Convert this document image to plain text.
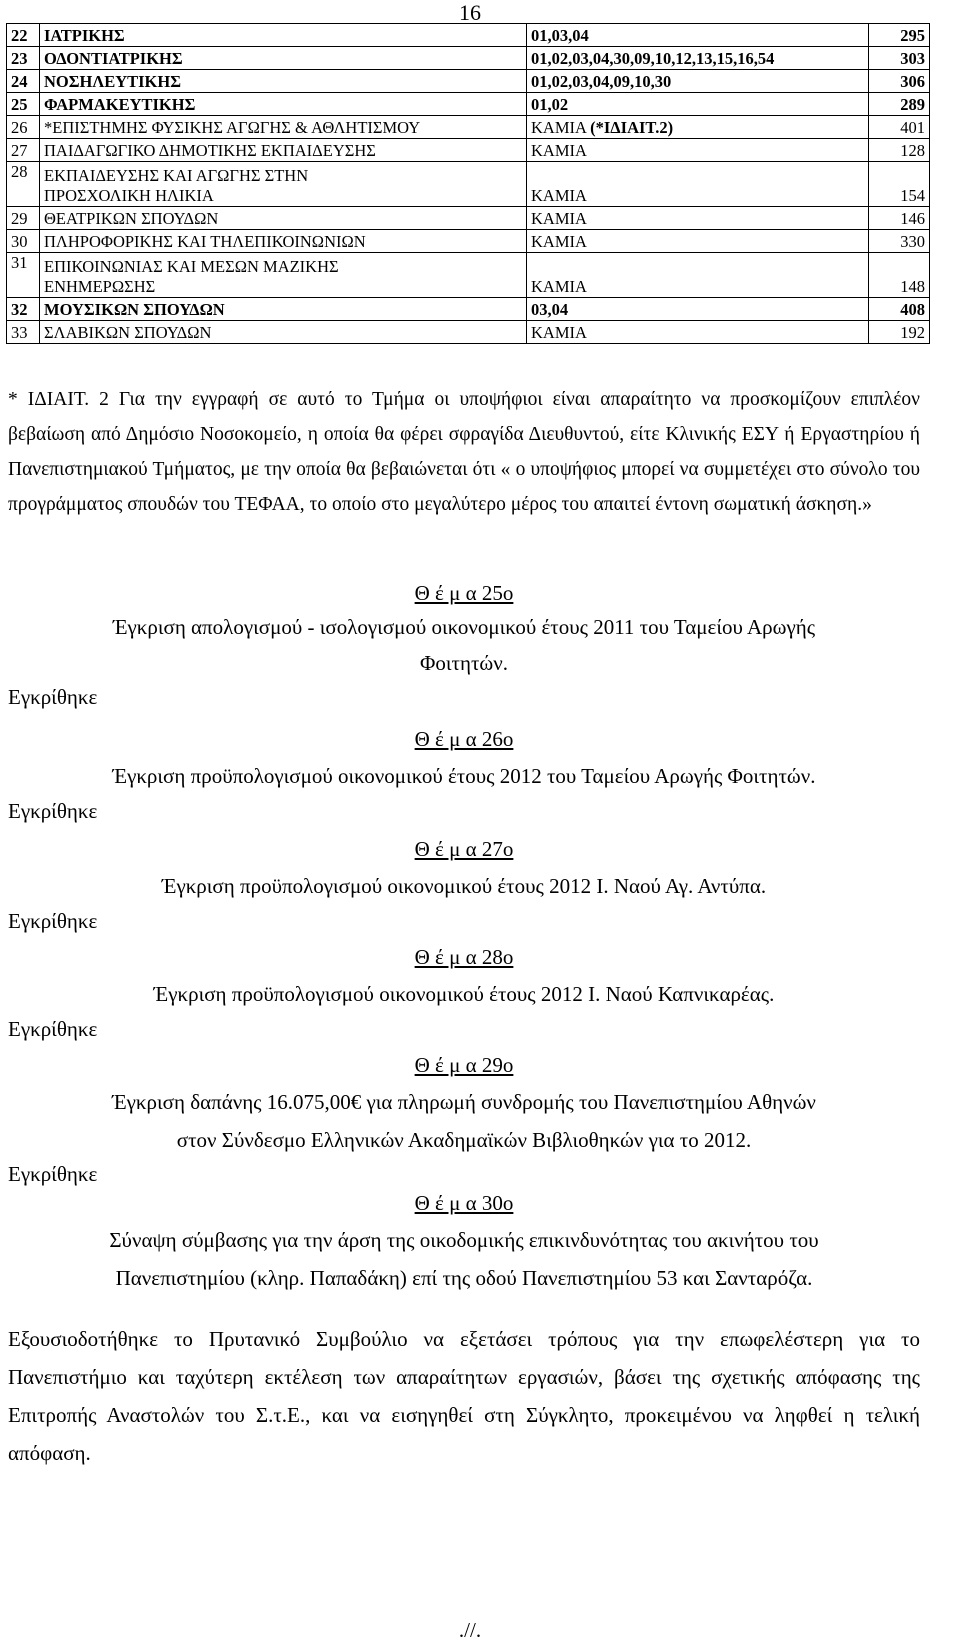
16
22	ΙΑΤΡΙΚΗΣ	01,03,04	295
23	ΟΔΟΝΤΙΑΤΡΙΚΗΣ	01,02,03,04,30,09,10,12,13,15,16,54	303
24	ΝΟΣΗΛΕΥΤΙΚΗΣ	01,02,03,04,09,10,30	306
25	ΦΑΡΜΑΚΕΥΤΙΚΗΣ	01,02	289
26	*ΕΠΙΣΤΗΜΗΣ ΦΥΣΙΚΗΣ ΑΓΩΓΗΣ & ΑΘΛΗΤΙΣΜΟΥ	ΚΑΜΙΑ (*ΙΔΙΑΙΤ.2)	401
27	ΠΑΙΔΑΓΩΓΙΚΟ ΔΗΜΟΤΙΚΗΣ ΕΚΠΑΙΔΕΥΣΗΣ	ΚΑΜΙΑ	128
28	ΕΚΠΑΙΔΕΥΣΗΣ ΚΑΙ ΑΓΩΓΗΣ ΣΤΗΝ
ΠΡΟΣΧΟΛΙΚΗ ΗΛΙΚΙΑ	ΚΑΜΙΑ	154
29	ΘΕΑΤΡΙΚΩΝ ΣΠΟΥΔΩΝ	ΚΑΜΙΑ	146
30	ΠΛΗΡΟΦΟΡΙΚΗΣ ΚΑΙ ΤΗΛΕΠΙΚΟΙΝΩΝΙΩΝ	ΚΑΜΙΑ	330
31	ΕΠΙΚΟΙΝΩΝΙΑΣ ΚΑΙ ΜΕΣΩΝ ΜΑΖΙΚΗΣ
ΕΝΗΜΕΡΩΣΗΣ	ΚΑΜΙΑ	148
32	ΜΟΥΣΙΚΩΝ ΣΠΟΥΔΩΝ	03,04	408
33	ΣΛΑΒΙΚΩΝ ΣΠΟΥΔΩΝ	ΚΑΜΙΑ	192
* ΙΔΙΑΙΤ. 2 Για την εγγραφή σε αυτό το Τμήμα οι υποψήφιοι είναι απαραίτητο να προσκομίζουν επιπλέον βεβαίωση από Δημόσιο Νοσοκομείο, η οποία θα φέρει σφραγίδα Διευθυντού, είτε Κλινικής ΕΣΥ ή Εργαστηρίου ή Πανεπιστημιακού Τμήματος, με την οποία θα βεβαιώνεται ότι « ο υποψήφιος μπορεί να συμμετέχει στο σύνολο του προγράμματος σπουδών του ΤΕΦΑΑ, το οποίο στο μεγαλύτερο μέρος του απαιτεί έντονη σωματική άσκηση.»
Θ έ μ α 25ο
Έγκριση απολογισμού - ισολογισμού οικονομικού έτους 2011 του Ταμείου Αρωγής
Φοιτητών.
Εγκρίθηκε
Θ έ μ α 26ο
Έγκριση προϋπολογισμού οικονομικού έτους 2012 του Ταμείου Αρωγής Φοιτητών.
Εγκρίθηκε
Θ έ μ α 27ο
Έγκριση προϋπολογισμού οικονομικού έτους 2012 Ι. Ναού Αγ. Αντύπα.
Εγκρίθηκε
Θ έ μ α 28ο
Έγκριση προϋπολογισμού οικονομικού έτους 2012 Ι. Ναού Καπνικαρέας.
Εγκρίθηκε
Θ έ μ α 29ο
Έγκριση δαπάνης 16.075,00€ για πληρωμή συνδρομής του Πανεπιστημίου Αθηνών
στον Σύνδεσμο Ελληνικών Ακαδημαϊκών Βιβλιοθηκών για το 2012.
Εγκρίθηκε
Θ έ μ α 30ο
Σύναψη σύμβασης για την άρση της οικοδομικής επικινδυνότητας του ακινήτου του
Πανεπιστημίου (κληρ. Παπαδάκη) επί της οδού Πανεπιστημίου 53 και Σανταρόζα.
Εξουσιοδοτήθηκε το Πρυτανικό Συμβούλιο να εξετάσει τρόπους για την επωφελέστερη για το Πανεπιστήμιο και ταχύτερη εκτέλεση των απαραίτητων εργασιών, βάσει της σχετικής απόφασης της Επιτροπής Αναστολών του Σ.τ.Ε., και να εισηγηθεί στη Σύγκλητο, προκειμένου να ληφθεί η τελική απόφαση.
.//.
